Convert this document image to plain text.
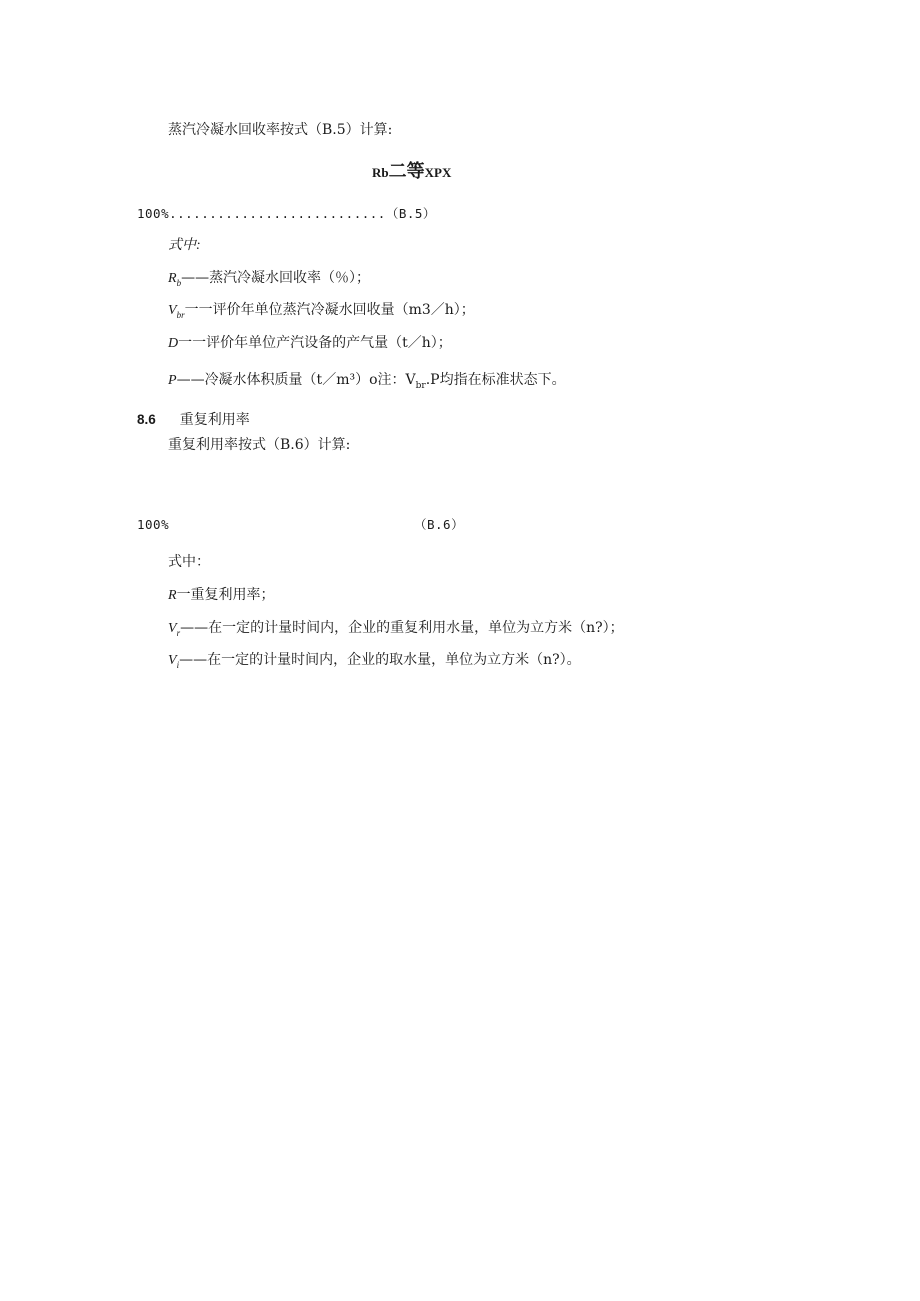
蒸汽冷凝水回收率按式（B.5）计算:
Rb二等XPX
100%...........................（B.5）
式中:
$R_b——$蒸汽冷凝水回收率（％）；
$V_{br}$一一评价年单位蒸汽冷凝水回收量（m3／h）；
D一一评价年单位产汽设备的产气量（t／h）；
P——冷凝水体积质量（t／m³）o注：$V_{br}.P$均指在标准状态下。
8.6 重复利用率
重复利用率按式（B.6）计算:
100%	（B.6）
式中：
R一重复利用率；
$V_r——$在一定的计量时间内，企业的重复利用水量，单位为立方米（n?）；
$V_i——$在一定的计量时间内，企业的取水量，单位为立方米（n?）。
